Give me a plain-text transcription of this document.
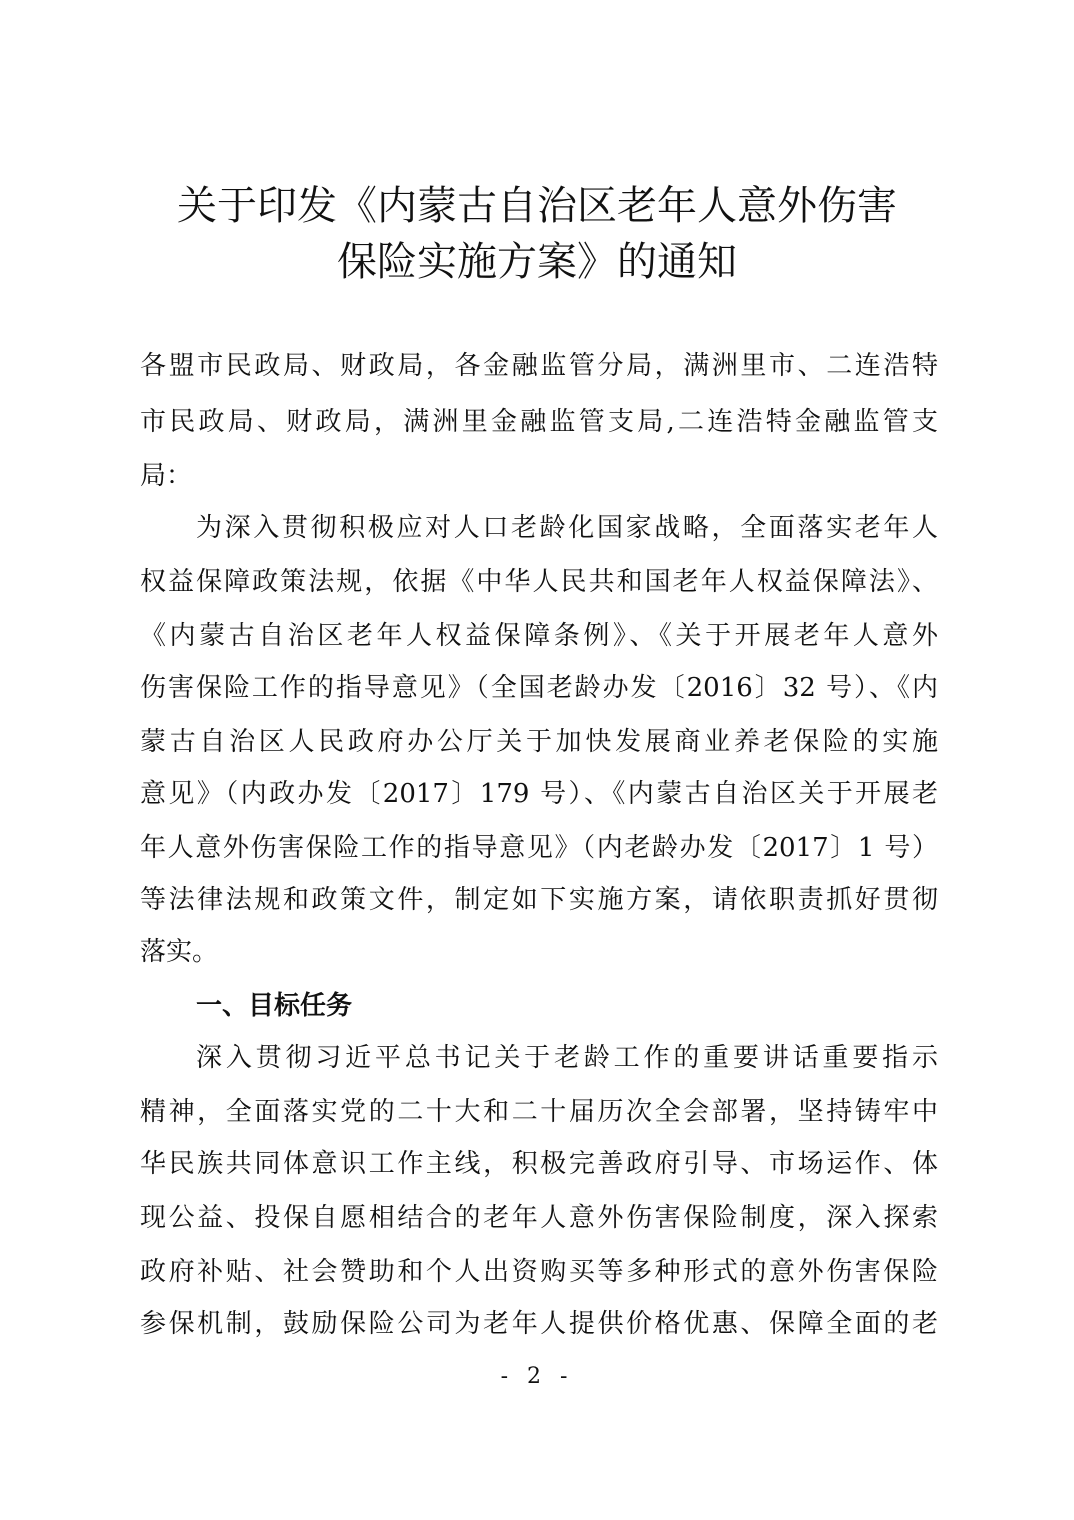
关于印发《内蒙古自治区老年人意外伤害
保险实施方案》的通知
各盟市民政局、财政局，各金融监管分局，满洲里市、二连浩特
市民政局、财政局，满洲里金融监管支局,二连浩特金融监管支
局：
为深入贯彻积极应对人口老龄化国家战略，全面落实老年人
权益保障政策法规，依据《中华人民共和国老年人权益保障法》、
《内蒙古自治区老年人权益保障条例》、《关于开展老年人意外
伤害保险工作的指导意见》（全国老龄办发〔2016〕32 号）、《内
蒙古自治区人民政府办公厅关于加快发展商业养老保险的实施
意见》（内政办发〔2017〕179 号）、《内蒙古自治区关于开展老
年人意外伤害保险工作的指导意见》（内老龄办发〔2017〕1 号）
等法律法规和政策文件，制定如下实施方案，请依职责抓好贯彻
落实。
一、目标任务
深入贯彻习近平总书记关于老龄工作的重要讲话重要指示
精神，全面落实党的二十大和二十届历次全会部署，坚持铸牢中
华民族共同体意识工作主线，积极完善政府引导、市场运作、体
现公益、投保自愿相结合的老年人意外伤害保险制度，深入探索
政府补贴、社会赞助和个人出资购买等多种形式的意外伤害保险
参保机制，鼓励保险公司为老年人提供价格优惠、保障全面的老
- 2 -
